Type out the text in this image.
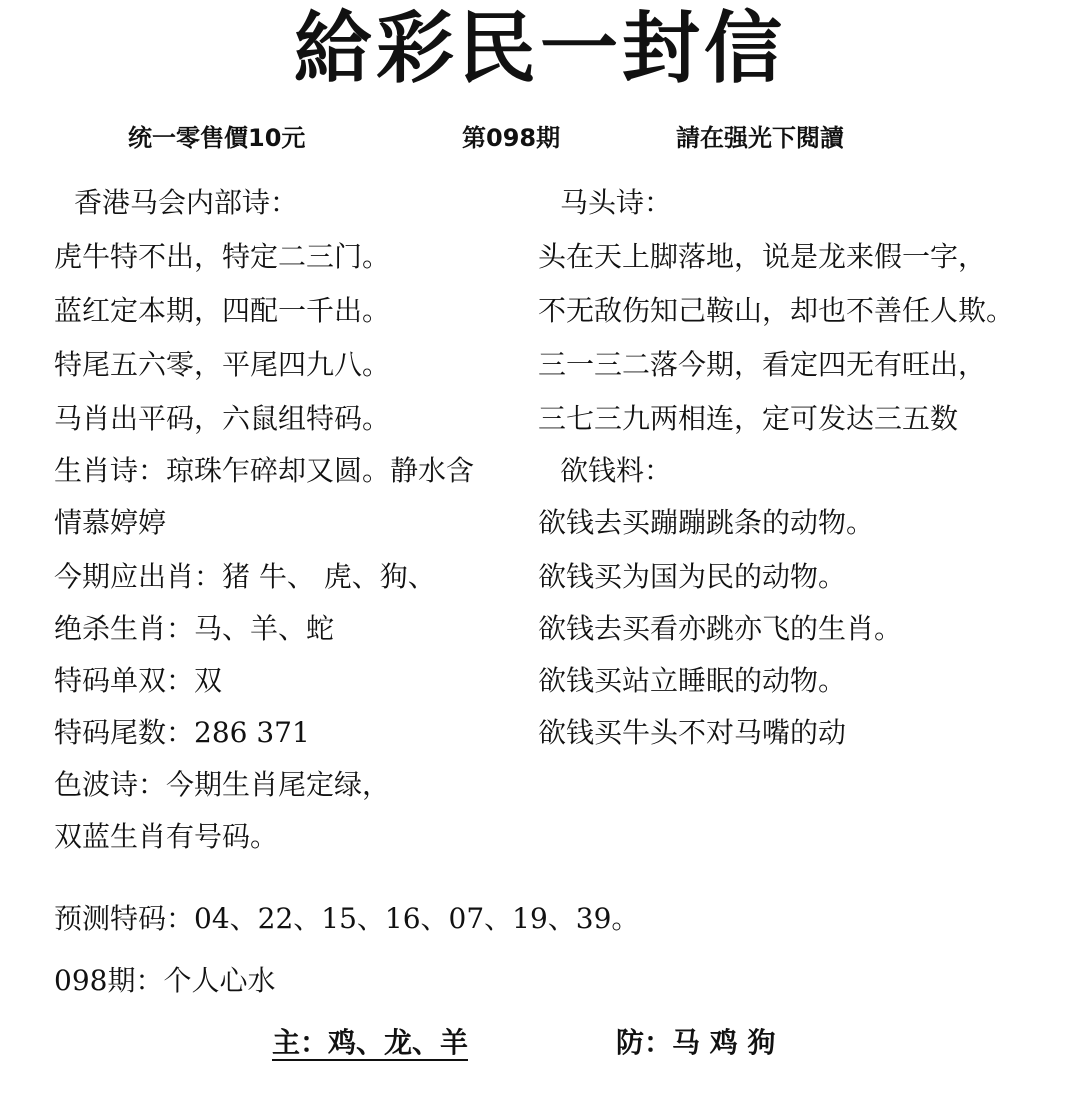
給彩民一封信
统一零售價10元	第098期	請在强光下閱讀
香港马会内部诗：
虎牛特不出，特定二三门。
蓝红定本期，四配一千出。
特尾五六零，平尾四九八。
马肖出平码，六鼠组特码。
生肖诗：琼珠乍碎却又圆。静水含
情慕婷婷
今期应出肖：猪 牛、 虎、狗、
绝杀生肖：马、羊、蛇
特码单双：双
特码尾数：286 371
色波诗：今期生肖尾定绿，
双蓝生肖有号码。
马头诗：
头在天上脚落地，说是龙来假一字，
不无敌伤知己鞍山，却也不善任人欺。
三一三二落今期，看定四无有旺出，
三七三九两相连，定可发达三五数
欲钱料：
欲钱去买蹦蹦跳条的动物。
欲钱买为国为民的动物。
欲钱去买看亦跳亦飞的生肖。
欲钱买站立睡眠的动物。
欲钱买牛头不对马嘴的动
预测特码：04、22、15、16、07、19、39。
098期：个人心水
主：鸡、龙、羊	防：马 鸡 狗
